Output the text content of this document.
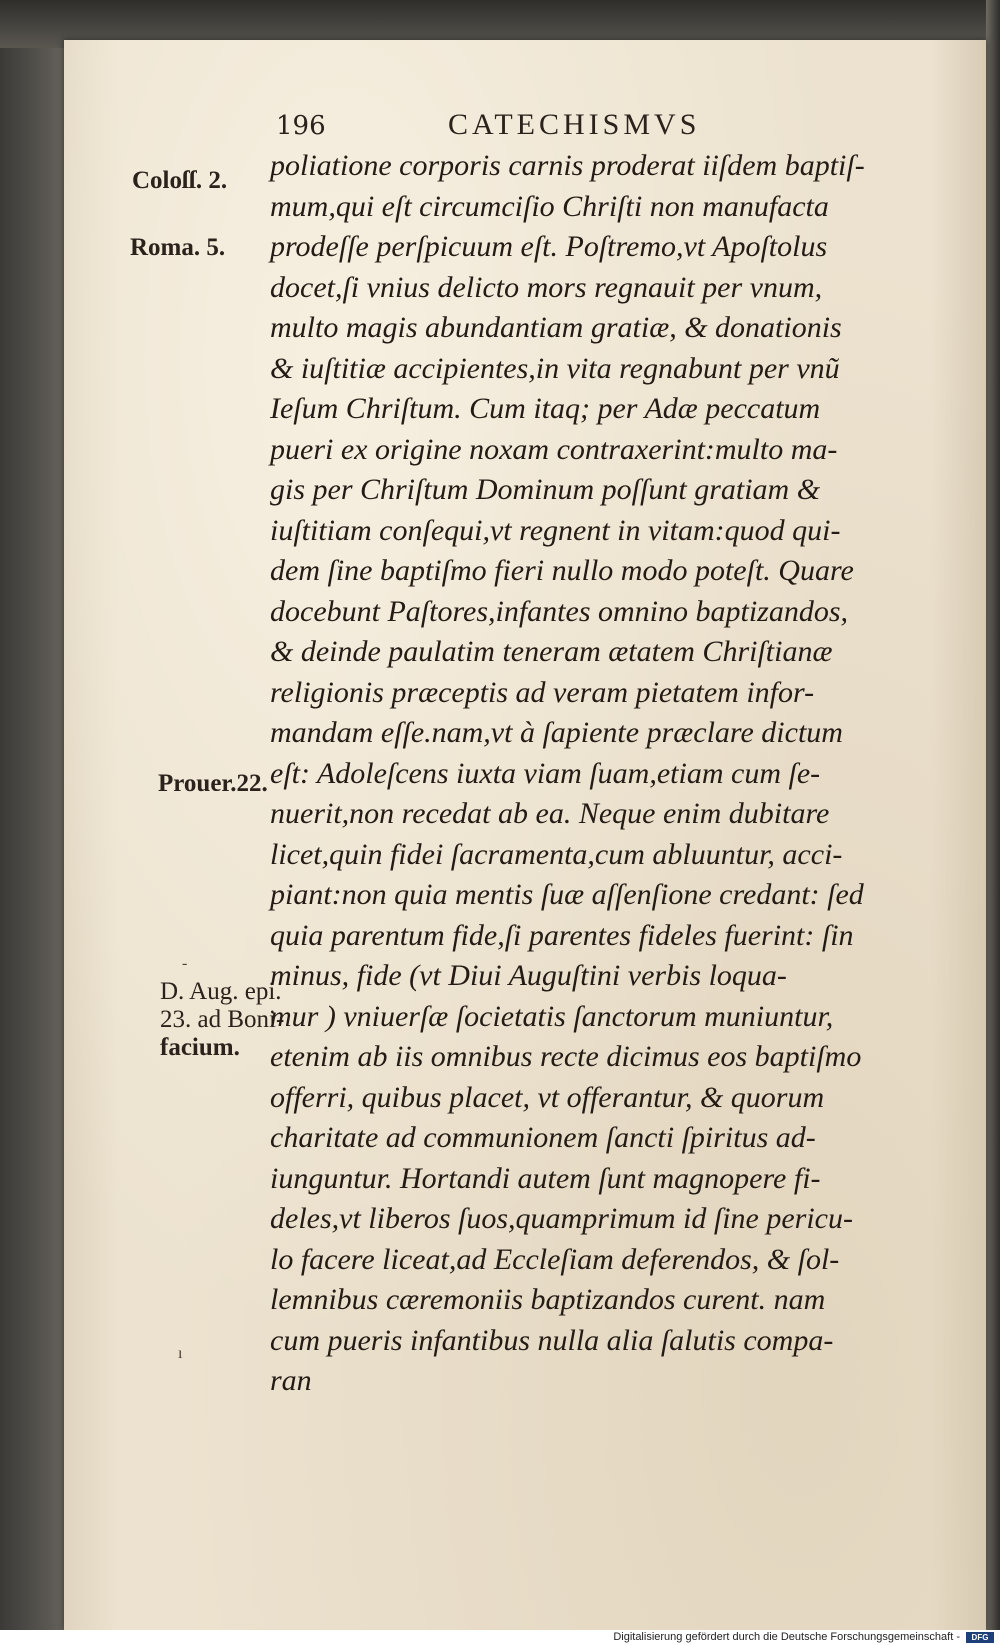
196	CATECHISMVS
Coloſſ. 2.
Roma. 5.
Prouer.22.
D. Aug. epi.
23. ad Boni-
facium.
-
ı
poliatione corporis carnis proderat iiſdem baptiſ-
mum,qui eſt circumciſio Chriſti non manufacta
prodeſſe perſpicuum eſt. Poſtremo,vt Apoſtolus
docet,ſi vnius delicto mors regnauit per vnum,
multo magis abundantiam gratiæ, & donationis
& iuſtitiæ accipientes,in vita regnabunt per vnũ
Ieſum Chriſtum. Cum itaq; per Adæ peccatum
pueri ex origine noxam contraxerint:multo ma-
gis per Chriſtum Dominum poſſunt gratiam &
iuſtitiam conſequi,vt regnent in vitam:quod qui-
dem ſine baptiſmo fieri nullo modo poteſt. Quare
docebunt Paſtores,infantes omnino baptizandos,
& deinde paulatim teneram ætatem Chriſtianæ
religionis præceptis ad veram pietatem infor-
mandam eſſe.nam,vt à ſapiente præclare dictum
eſt: Adoleſcens iuxta viam ſuam,etiam cum ſe-
nuerit,non recedat ab ea. Neque enim dubitare
licet,quin fidei ſacramenta,cum abluuntur, acci-
piant:non quia mentis ſuæ aſſenſione credant: ſed
quia parentum fide,ſi parentes fideles fuerint: ſin
minus, fide (vt Diui Auguſtini verbis loqua-
mur ) vniuerſæ ſocietatis ſanctorum muniuntur,
etenim ab iis omnibus recte dicimus eos baptiſmo
offerri, quibus placet, vt offerantur, & quorum
charitate ad communionem ſancti ſpiritus ad-
iunguntur. Hortandi autem ſunt magnopere fi-
deles,vt liberos ſuos,quamprimum id ſine pericu-
lo facere liceat,ad Eccleſiam deferendos, & ſol-
lemnibus cæremoniis baptizandos curent. nam
cum pueris infantibus nulla alia ſalutis compa-
ran
Digitalisierung gefördert durch die Deutsche Forschungsgemeinschaft -	DFG
